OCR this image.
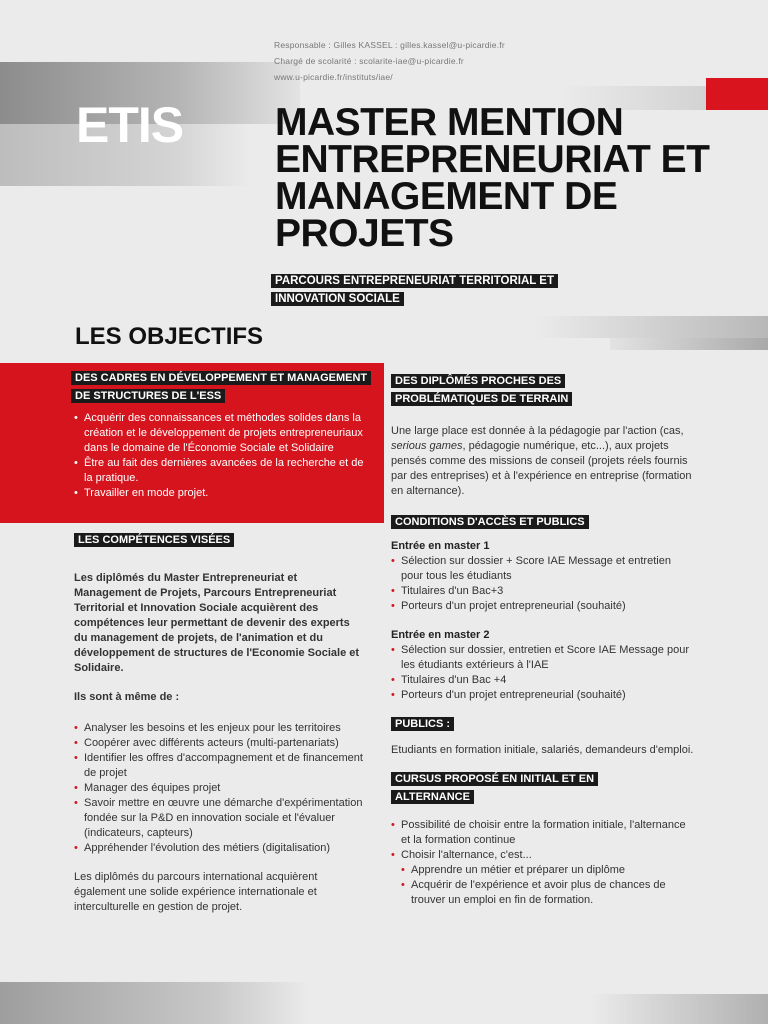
Responsable : Gilles KASSEL : gilles.kassel@u-picardie.fr
Chargé de scolarité : scolarite-iae@u-picardie.fr
www.u-picardie.fr/instituts/iae/
ETIS MASTER MENTION ENTREPRENEURIAT ET MANAGEMENT DE PROJETS
PARCOURS ENTREPRENEURIAT TERRITORIAL ET INNOVATION SOCIALE
LES OBJECTIFS
DES CADRES EN DÉVELOPPEMENT ET MANAGEMENT DE STRUCTURES DE L'ESS
• Acquérir des connaissances et méthodes solides dans la création et le développement de projets entrepreneuriaux dans le domaine de l'Économie Sociale et Solidaire
• Être au fait des dernières avancées de la recherche et de la pratique.
• Travailler en mode projet.
LES COMPÉTENCES VISÉES

Les diplômés du Master Entrepreneuriat et Management de Projets, Parcours Entrepreneuriat Territorial et Innovation Sociale acquièrent des compétences leur permettant de devenir des experts du management de projets, de l'animation et du développement de structures de l'Economie Sociale et Solidaire.

Ils sont à même de :

• Analyser les besoins et les enjeux pour les territoires
• Coopérer avec différents acteurs (multi-partenariats)
• Identifier les offres d'accompagnement et de financement de projet
• Manager des équipes projet
• Savoir mettre en œuvre une démarche d'expérimentation fondée sur la P&D en innovation sociale et l'évaluer (indicateurs, capteurs)
• Appréhender l'évolution des métiers (digitalisation)

Les diplômés du parcours international acquièrent également une solide expérience internationale et interculturelle en gestion de projet.

DES DIPLÔMÉS PROCHES DES PROBLÉMATIQUES DE TERRAIN

Une large place est donnée à la pédagogie par l'action (cas, serious games, pédagogie numérique, etc...), aux projets pensés comme des missions de conseil (projets réels fournis par des entreprises) et à l'expérience en entreprise (formation en alternance).

CONDITIONS D'ACCÈS ET PUBLICS

Entrée en master 1

• Sélection sur dossier + Score IAE Message et entretien pour tous les étudiants
• Titulaires d'un Bac+3
• Porteurs d'un projet entrepreneurial (souhaité)

Entrée en master 2

• Sélection sur dossier, entretien et Score IAE Message pour les étudiants extérieurs à l'IAE
• Titulaires d'un Bac +4
• Porteurs d'un projet entrepreneurial (souhaité)
PUBLICS :

Etudiants en formation initiale, salariés, demandeurs d'emploi.

CURSUS PROPOSÉ EN INITIAL ET EN ALTERNANCE
• Possibilité de choisir entre la formation initiale, l'alternance et la formation continue
• Choisir l'alternance, c'est...
• Apprendre un métier et préparer un diplôme
• Acquérir de l'expérience et avoir plus de chances de trouver un emploi en fin de formation.
